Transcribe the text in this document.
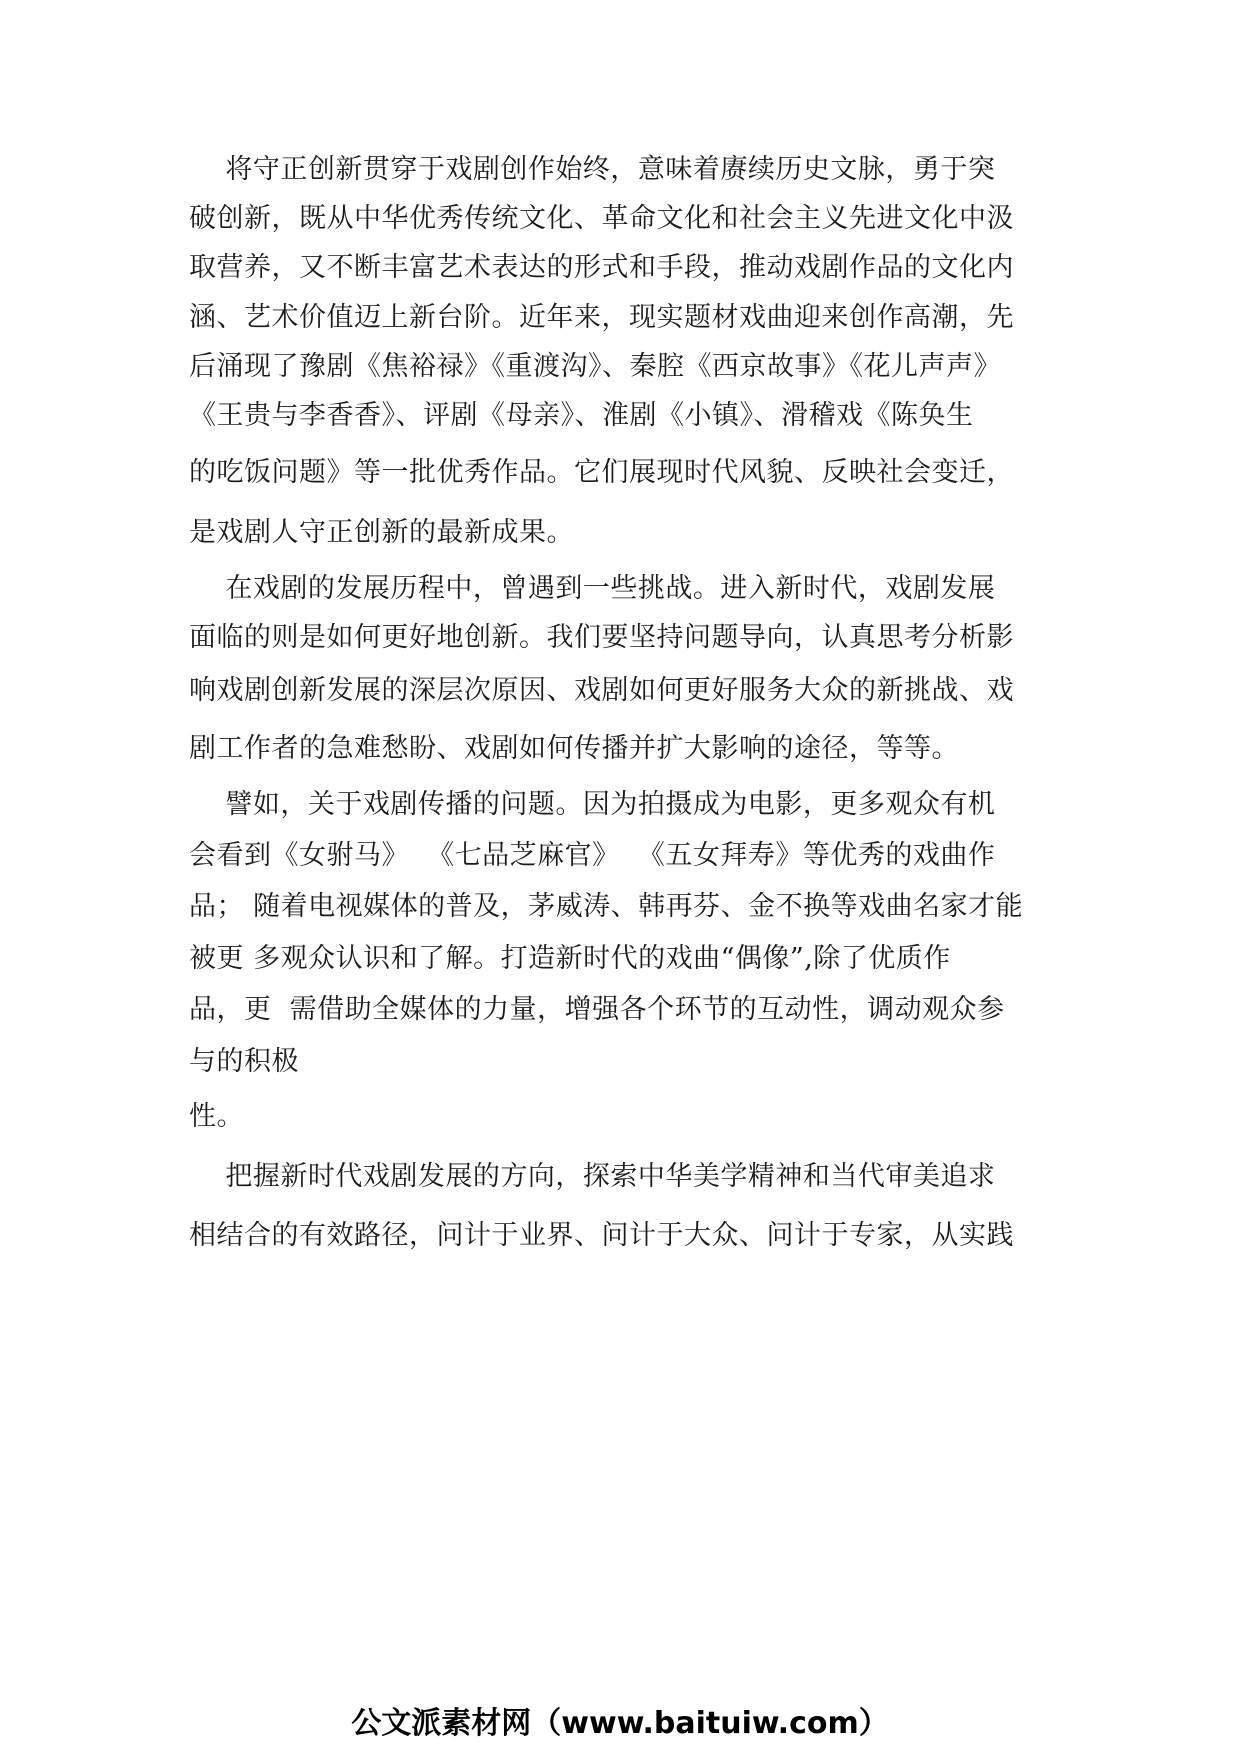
将守正创新贯穿于戏剧创作始终，意味着赓续历史文脉，勇于突

破创新，既从中华优秀传统文化、革命文化和社会主义先进文化中汲

取营养，又不断丰富艺术表达的形式和手段，推动戏剧作品的文化内

涵、艺术价值迈上新台阶。近年来，现实题材戏曲迎来创作高潮，先

后涌现了豫剧《焦裕禄》《重渡沟》、秦腔《西京故事》《花儿声声》

《王贵与李香香》、评剧《母亲》、淮剧《小镇》、滑稽戏《陈奂生

的吃饭问题》等一批优秀作品。它们展现时代风貌、反映社会变迁，

是戏剧人守正创新的最新成果。

在戏剧的发展历程中，曾遇到一些挑战。进入新时代，戏剧发展

面临的则是如何更好地创新。我们要坚持问题导向，认真思考分析影

响戏剧创新发展的深层次原因、戏剧如何更好服务大众的新挑战、戏

剧工作者的急难愁盼、戏剧如何传播并扩大影响的途径，等等。

譬如，关于戏剧传播的问题。因为拍摄成为电影，更多观众有机

会看到《女驸马》  《七品芝麻官》  《五女拜寿》等优秀的戏曲作

品； 随着电视媒体的普及，茅威涛、韩再芬、金不换等戏曲名家才能

被更 多观众认识和了解。打造新时代的戏曲“偶像”,除了优质作

品，更  需借助全媒体的力量，增强各个环节的互动性，调动观众参

与的积极

性。

把握新时代戏剧发展的方向，探索中华美学精神和当代审美追求

相结合的有效路径，问计于业界、问计于大众、问计于专家，从实践

公文派素材网（www.baituiw.com）
